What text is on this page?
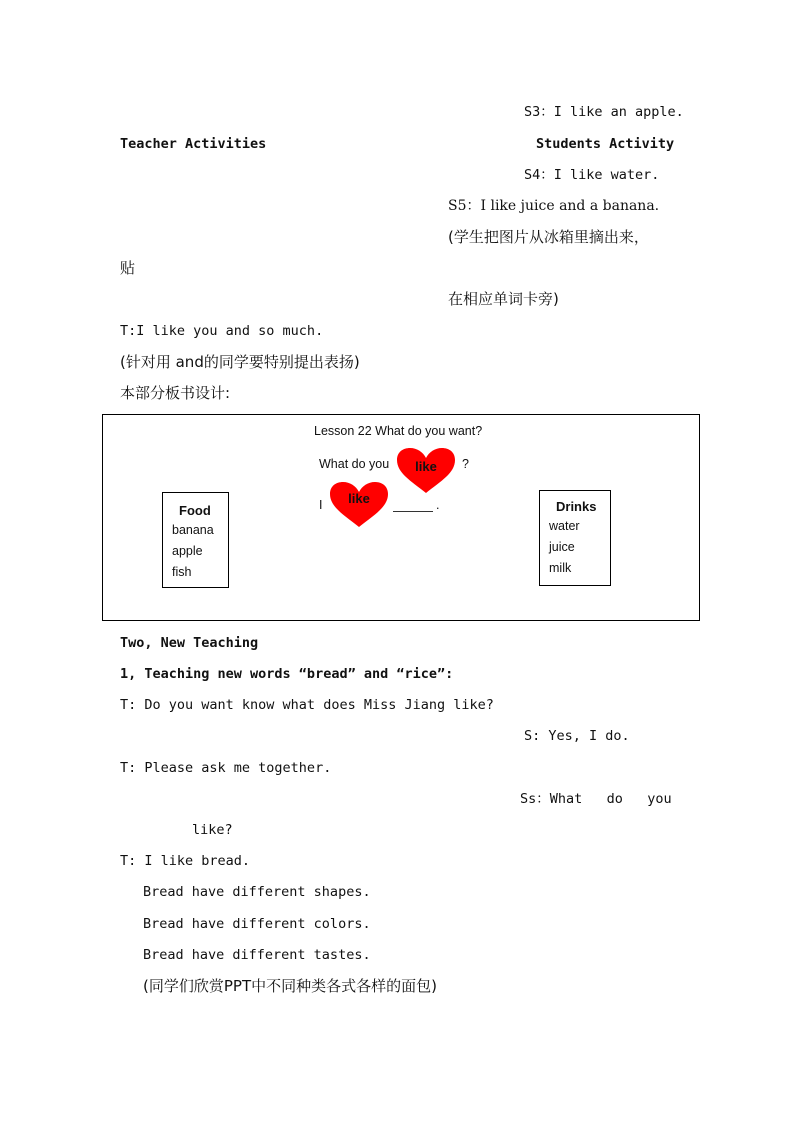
S3：I like an apple.
Teacher Activities	Students Activity
S4：I like water.
S5：I like juice and a banana.
(学生把图片从冰箱里摘出来，
贴
在相应单词卡旁)
T:I like you and so much.
(针对用 and的同学要特别提出表扬)
本部分板书设计:
Lesson 22 What do you want?
What do you	like	?
I	like	.
Food
banana
apple
fish
Drinks
water
juice
milk
Two, New Teaching
1, Teaching new words “bread” and “rice”:
T: Do you want know what does Miss Jiang like?
S: Yes, I do.
T: Please ask me together.
Ss：What   do   you
like?
T: I like bread.
Bread have different shapes.
Bread have different colors.
Bread have different tastes.
(同学们欣赏PPT中不同种类各式各样的面包)
